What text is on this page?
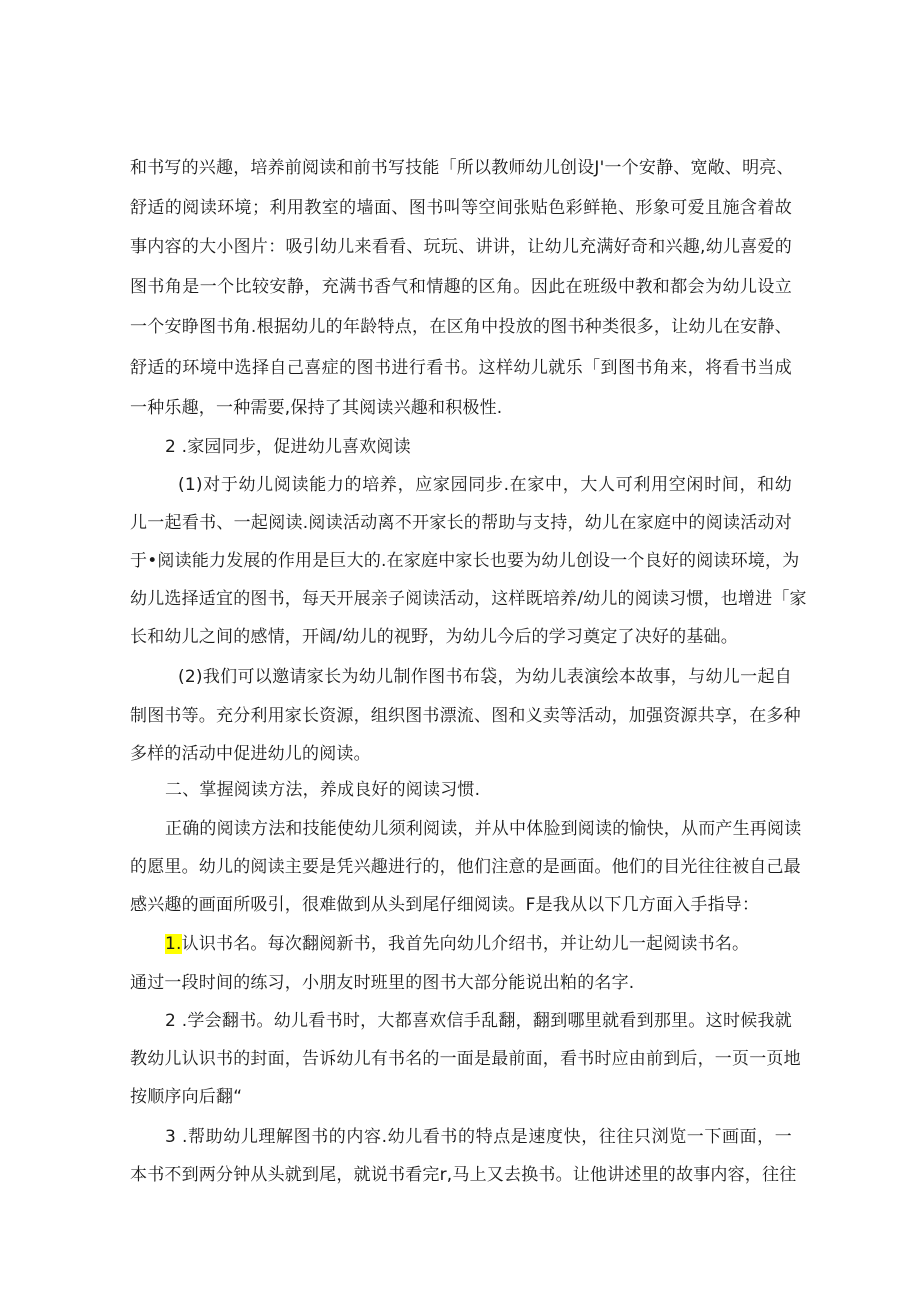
和书写的兴趣，培养前阅读和前书写技能「所以教师幼儿创设J'一个安静、宽敞、明亮、
舒适的阅读环境；利用教室的墙面、图书叫等空间张贴色彩鲜艳、形象可爱且施含着故
事内容的大小图片：吸引幼儿来看看、玩玩、讲讲，让幼儿充满好奇和兴趣,幼儿喜爱的
图书角是一个比较安静，充满书香气和情趣的区角。因此在班级中教和都会为幼儿设立
一个安睁图书角.根据幼儿的年龄特点，在区角中投放的图书种类很多，让幼儿在安静、
舒适的环境中选择自己喜症的图书进行看书。这样幼儿就乐「到图书角来，将看书当成
一种乐趣，一种需要,保持了其阅读兴趣和积极性.
2 .家园同步，促进幼儿喜欢阅读
(1)对于幼儿阅读能力的培养，应家园同步.在家中，大人可利用空闲时间，和幼
儿一起看书、一起阅读.阅读活动离不开家长的帮助与支持，幼儿在家庭中的阅读活动对
于•阅读能力发展的作用是巨大的.在家庭中家长也要为幼儿创设一个良好的阅读环境，为
幼儿选择适宜的图书，每天开展亲子阅读活动，这样既培养/幼儿的阅读习惯，也增进「家
长和幼儿之间的感情，开阔/幼儿的视野，为幼儿今后的学习奠定了决好的基础。
(2)我们可以邀请家长为幼儿制作图书布袋，为幼儿表演绘本故事，与幼儿一起自
制图书等。充分利用家长资源，组织图书漂流、图和义卖等活动，加强资源共享，在多种
多样的活动中促进幼儿的阅读。
二、掌握阅读方法，养成良好的阅读习惯.
正确的阅读方法和技能使幼儿须利阅读，并从中体脸到阅读的愉快，从而产生再阅读
的愿里。幼儿的阅读主要是凭兴趣进行的，他们注意的是画面。他们的目光往往被自己最
感兴趣的画面所吸引，很难做到从头到尾仔细阅读。F是我从以下几方面入手指导：
1.认识书名。每次翻阅新书，我首先向幼儿介绍书，并让幼儿一起阅读书名。
通过一段时间的练习，小朋友时班里的图书大部分能说出粕的名字.
2 .学会翻书。幼儿看书时，大都喜欢信手乱翻，翻到哪里就看到那里。这时候我就
教幼儿认识书的封面，告诉幼儿有书名的一面是最前面，看书时应由前到后，一页一页地
按顺序向后翻“
3 .帮助幼儿理解图书的内容.幼儿看书的特点是速度快，往往只浏览一下画面，一
本书不到两分钟从头就到尾，就说书看完r,马上又去换书。让他讲述里的故事内容，往往
